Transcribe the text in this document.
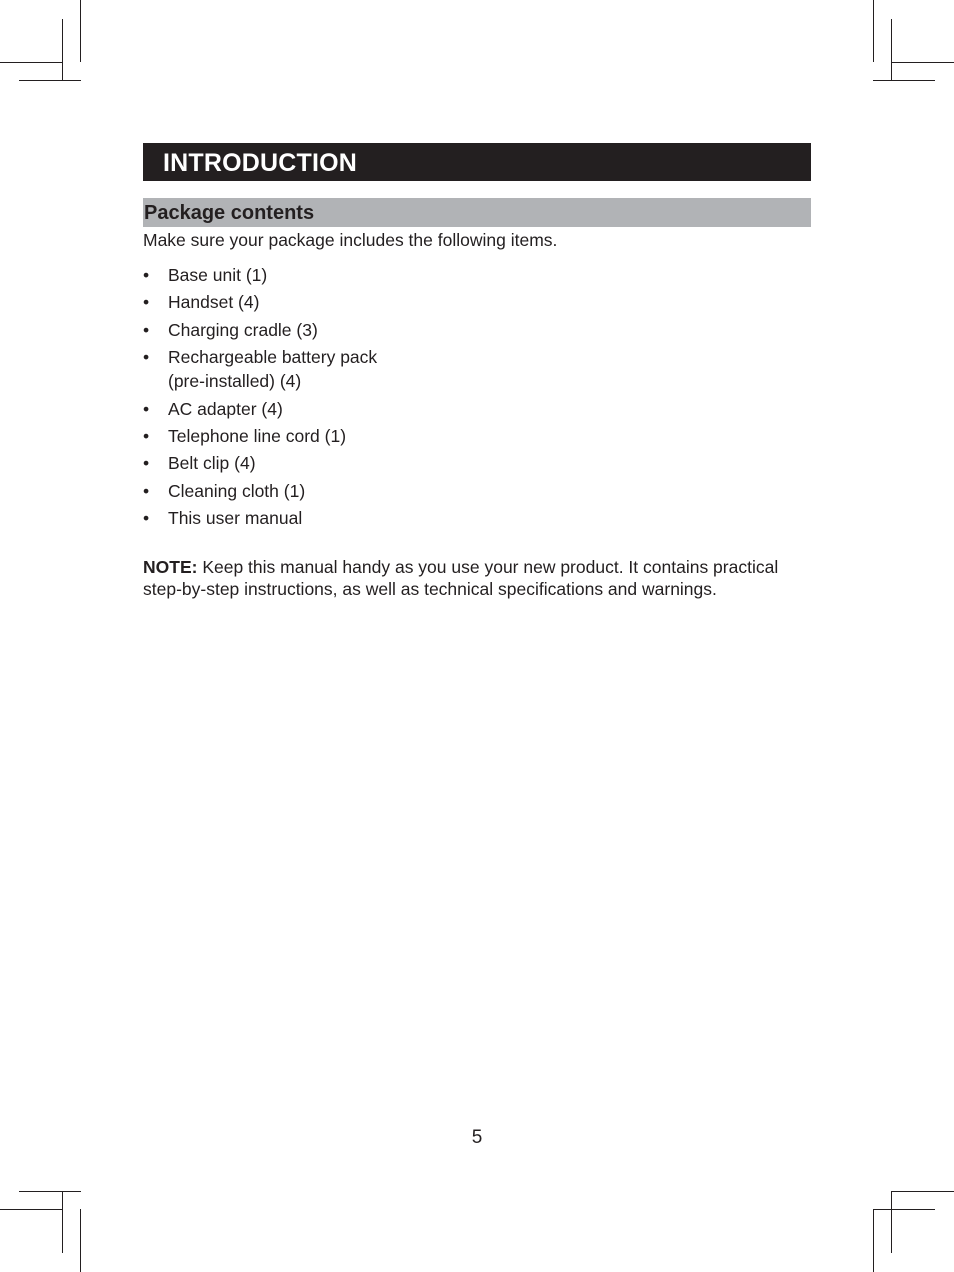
INTRODUCTION
Package contents
Make sure your package includes the following items.
• Base unit (1)
• Handset (4)
• Charging cradle (3)
• Rechargeable battery pack
(pre-installed) (4)
• AC adapter (4)
• Telephone line cord (1)
• Belt clip (4)
• Cleaning cloth (1)
• This user manual
NOTE: Keep this manual handy as you use your new product. It contains practical step-by-step instructions, as well as technical specifications and warnings.
5
